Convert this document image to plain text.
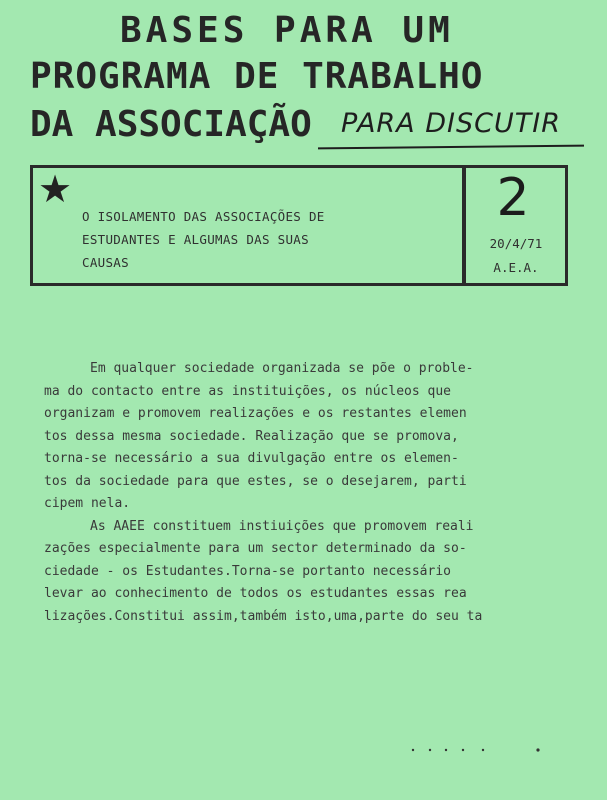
BASES PARA UM
PROGRAMA DE TRABALHO
DA ASSOCIAÇÃO	PARA DISCUTIR
★
O ISOLAMENTO DAS ASSOCIAÇÕES DE
ESTUDANTES E ALGUMAS DAS SUAS
CAUSAS
2
20/4/71
A.E.A.
Em qualquer sociedade organizada se põe o proble-
ma do contacto entre as instituições, os núcleos que
organizam e promovem realizações e os restantes elemen
tos dessa mesma sociedade. Realização que se promova,
torna-se necessário a sua divulgação entre os elemen-
tos da sociedade para que estes, se o desejarem, parti
cipem nela.
As AAEE constituem instiuições que promovem reali
zações especialmente para um sector determinado da so-
ciedade - os Estudantes.Torna-se portanto necessário
levar ao conhecimento de todos os estudantes essas rea
lizações.Constitui assim,também isto,uma,parte do seu ta
